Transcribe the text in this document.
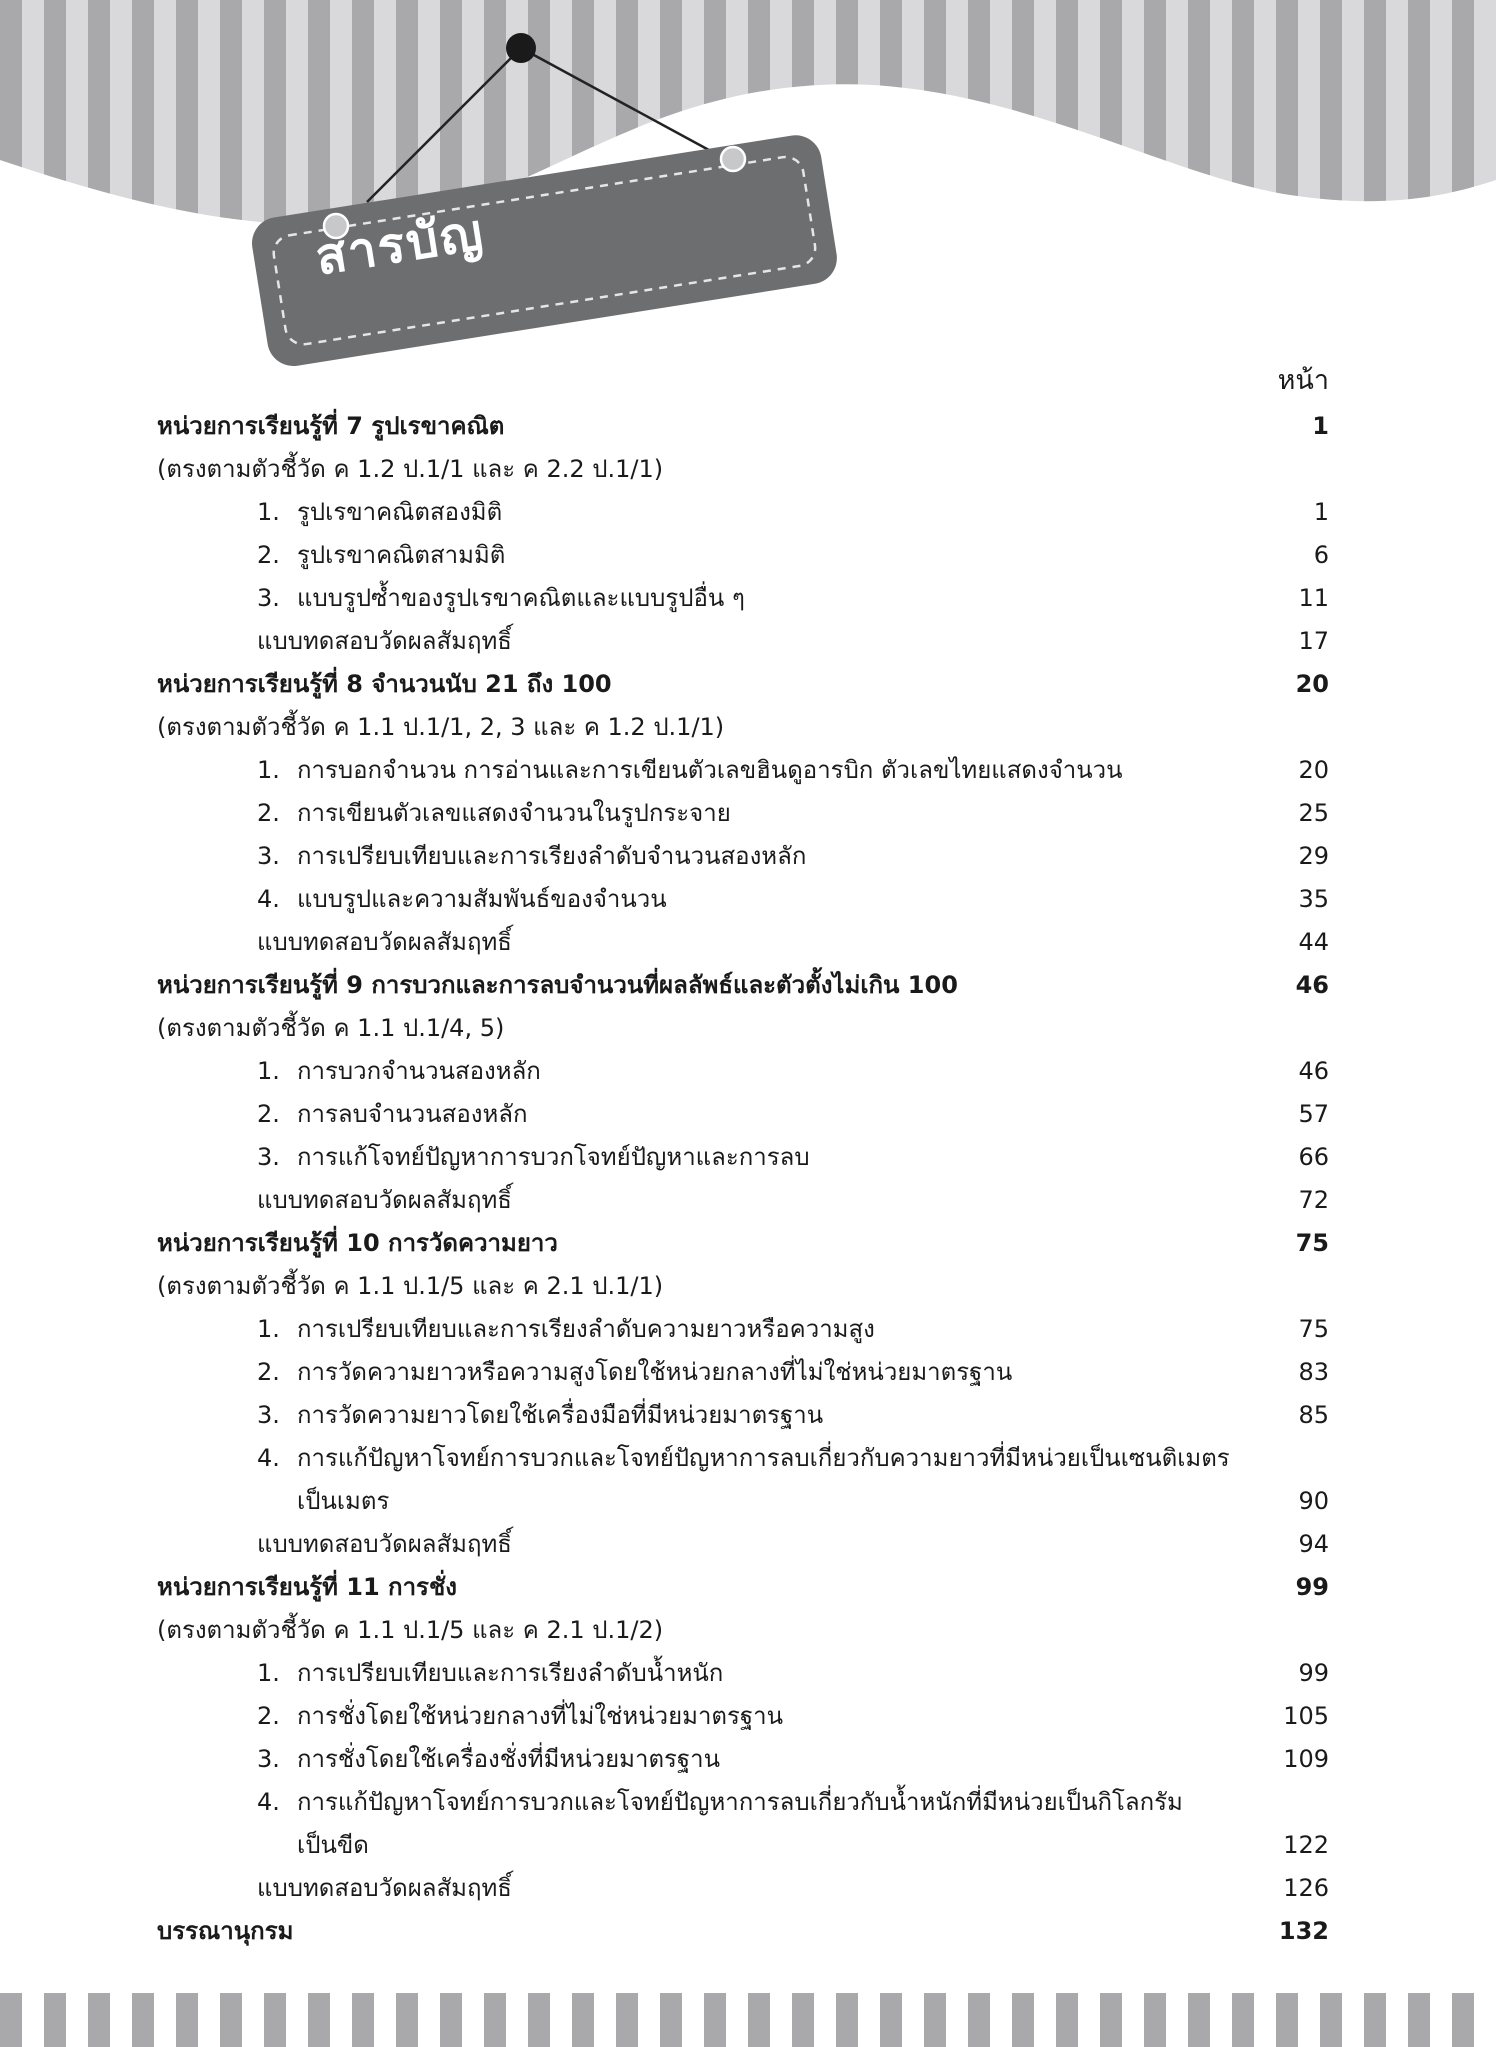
สารบัญ
หน้า
หน่วยการเรียนรู้ที่ 7 รูปเรขาคณิต	1
(ตรงตามตัวชี้วัด ค 1.2 ป.1/1 และ ค 2.2 ป.1/1)
1. รูปเรขาคณิตสองมิติ	1
2. รูปเรขาคณิตสามมิติ	6
3. แบบรูปซ้ำของรูปเรขาคณิตและแบบรูปอื่น ๆ	11
แบบทดสอบวัดผลสัมฤทธิ์	17
หน่วยการเรียนรู้ที่ 8 จำนวนนับ 21 ถึง 100	20
(ตรงตามตัวชี้วัด ค 1.1 ป.1/1, 2, 3 และ ค 1.2 ป.1/1)
1. การบอกจำนวน การอ่านและการเขียนตัวเลขฮินดูอารบิก ตัวเลขไทยแสดงจำนวน	20
2. การเขียนตัวเลขแสดงจำนวนในรูปกระจาย	25
3. การเปรียบเทียบและการเรียงลำดับจำนวนสองหลัก	29
4. แบบรูปและความสัมพันธ์ของจำนวน	35
แบบทดสอบวัดผลสัมฤทธิ์	44
หน่วยการเรียนรู้ที่ 9 การบวกและการลบจำนวนที่ผลลัพธ์และตัวตั้งไม่เกิน 100	46
(ตรงตามตัวชี้วัด ค 1.1 ป.1/4, 5)
1. การบวกจำนวนสองหลัก	46
2. การลบจำนวนสองหลัก	57
3. การแก้โจทย์ปัญหาการบวกโจทย์ปัญหาและการลบ	66
แบบทดสอบวัดผลสัมฤทธิ์	72
หน่วยการเรียนรู้ที่ 10 การวัดความยาว	75
(ตรงตามตัวชี้วัด ค 1.1 ป.1/5 และ ค 2.1 ป.1/1)
1. การเปรียบเทียบและการเรียงลำดับความยาวหรือความสูง	75
2. การวัดความยาวหรือความสูงโดยใช้หน่วยกลางที่ไม่ใช่หน่วยมาตรฐาน	83
3. การวัดความยาวโดยใช้เครื่องมือที่มีหน่วยมาตรฐาน	85
4. การแก้ปัญหาโจทย์การบวกและโจทย์ปัญหาการลบเกี่ยวกับความยาวที่มีหน่วยเป็นเซนติเมตร
เป็นเมตร	90
แบบทดสอบวัดผลสัมฤทธิ์	94
หน่วยการเรียนรู้ที่ 11 การชั่ง	99
(ตรงตามตัวชี้วัด ค 1.1 ป.1/5 และ ค 2.1 ป.1/2)
1. การเปรียบเทียบและการเรียงลำดับน้ำหนัก	99
2. การชั่งโดยใช้หน่วยกลางที่ไม่ใช่หน่วยมาตรฐาน	105
3. การชั่งโดยใช้เครื่องชั่งที่มีหน่วยมาตรฐาน	109
4. การแก้ปัญหาโจทย์การบวกและโจทย์ปัญหาการลบเกี่ยวกับน้ำหนักที่มีหน่วยเป็นกิโลกรัม
เป็นขีด	122
แบบทดสอบวัดผลสัมฤทธิ์	126
บรรณานุกรม	132
